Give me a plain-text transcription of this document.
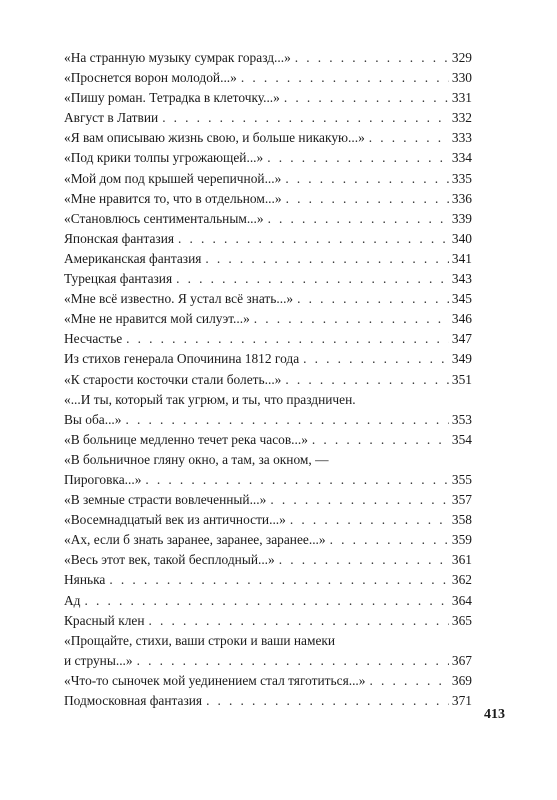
«На странную музыку сумрак горазд...» . . .	329
«Проснется ворон молодой...» . . .	330
«Пишу роман. Тетрадка в клеточку...» . . .	331
Август в Латвии . . .	332
«Я вам описываю жизнь свою, и больше никакую...» . . .	333
«Под крики толпы угрожающей...» . . .	334
«Мой дом под крышей черепичной...» . . .	335
«Мне нравится то, что в отдельном...» . . .	336
«Становлюсь сентиментальным...» . . .	339
Японская фантазия . . .	340
Американская фантазия . . .	341
Турецкая фантазия . . .	343
«Мне всё известно. Я устал всё знать...» . . .	345
«Мне не нравится мой силуэт...» . . .	346
Несчастье . . .	347
Из стихов генерала Опочинина 1812 года . . .	349
«К старости косточки стали болеть...» . . .	351
«...И ты, который так угрюм, и ты, что праздничен.
Вы оба...» . . .	353
«В больнице медленно течет река часов...» . . .	354
«В больничное гляну окно, а там, за окном, —
Пироговка...» . . .	355
«В земные страсти вовлеченный...» . . .	357
«Восемнадцатый век из античности...» . . .	358
«Ах, если б знать заранее, заранее, заранее...» . . .	359
«Весь этот век, такой бесплодный...» . . .	361
Нянька . . .	362
Ад . . .	364
Красный клен . . .	365
«Прощайте, стихи, ваши строки и ваши намеки
и струны...» . . .	367
«Что-то сыночек мой уединением стал тяготиться...» . . .	369
Подмосковная фантазия . . .	371
413
